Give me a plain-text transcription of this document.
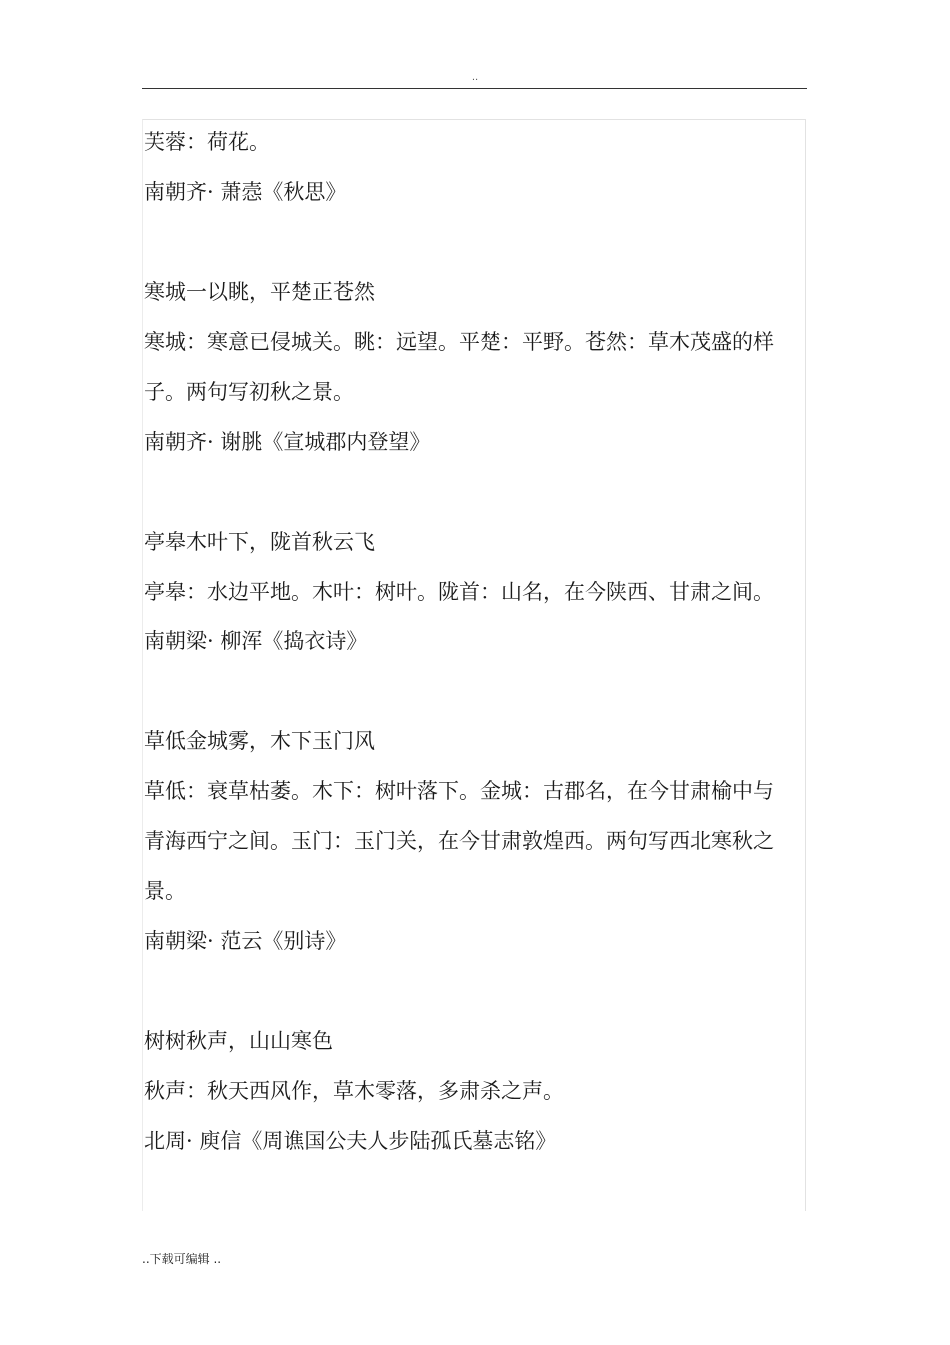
..
芙蓉：荷花。
南朝齐· 萧悫《秋思》
寒城一以眺，平楚正苍然
寒城：寒意已侵城关。眺：远望。平楚：平野。苍然：草木茂盛的样
子。两句写初秋之景。
南朝齐· 谢朓《宣城郡内登望》
亭皋木叶下，陇首秋云飞
亭皋：水边平地。木叶：树叶。陇首：山名，在今陕西、甘肃之间。
南朝梁· 柳浑《捣衣诗》
草低金城雾，木下玉门风
草低：衰草枯萎。木下：树叶落下。金城：古郡名，在今甘肃榆中与
青海西宁之间。玉门：玉门关，在今甘肃敦煌西。两句写西北寒秋之
景。
南朝梁· 范云《别诗》
树树秋声，山山寒色
秋声：秋天西风作，草木零落，多肃杀之声。
北周· 庾信《周谯国公夫人步陆孤氏墓志铭》
..下载可编辑 ..
